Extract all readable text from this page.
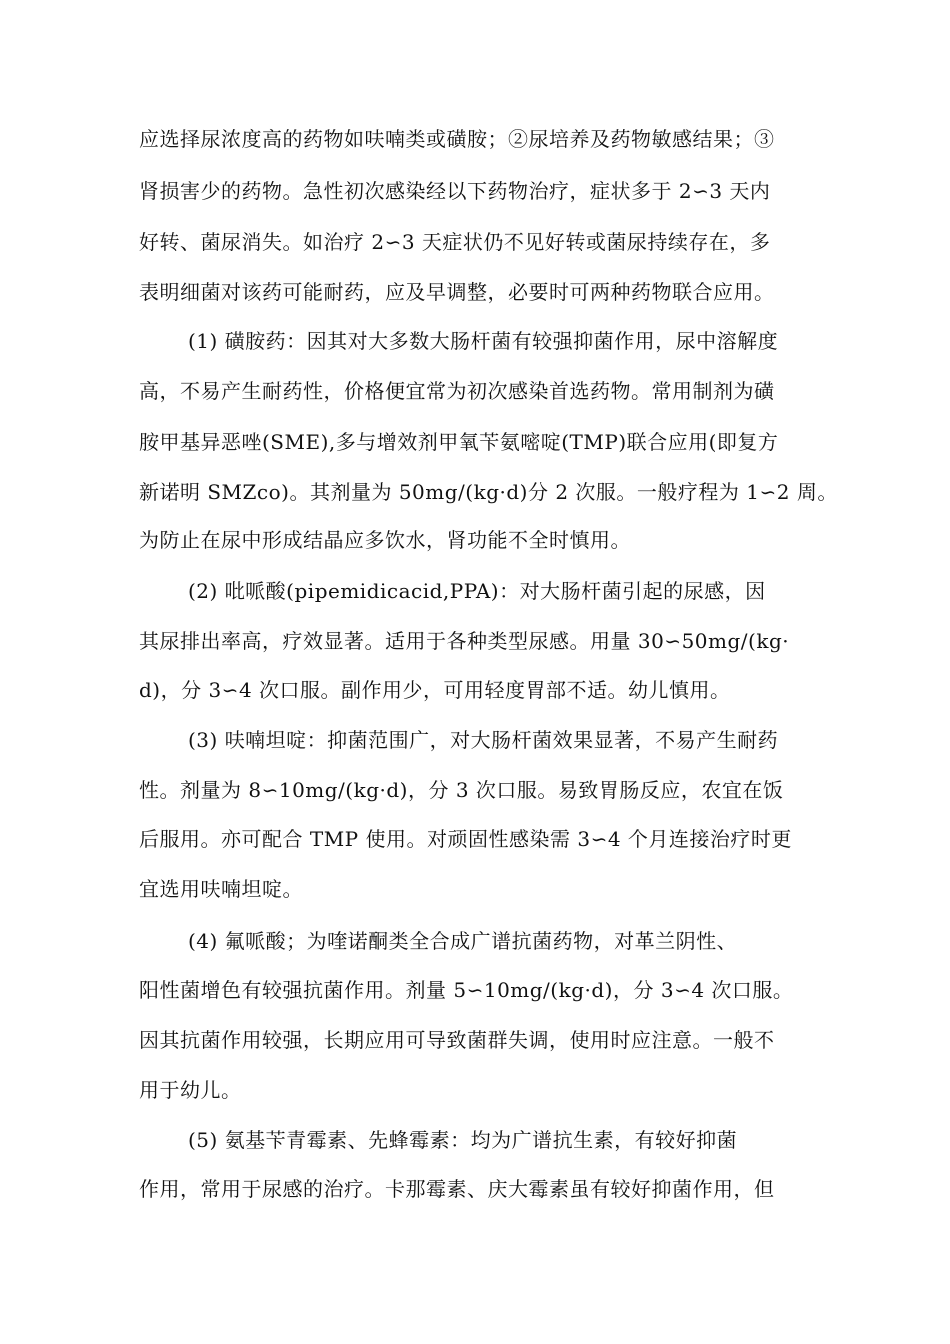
应选择尿浓度高的药物如呋喃类或磺胺；②尿培养及药物敏感结果；③

肾损害少的药物。急性初次感染经以下药物治疗，症状多于 2∽3 天内

好转、菌尿消失。如治疗 2∽3 天症状仍不见好转或菌尿持续存在，多

表明细菌对该药可能耐药，应及早调整，必要时可两种药物联合应用。

(1) 磺胺药：因其对大多数大肠杆菌有较强抑菌作用，尿中溶解度

高，不易产生耐药性，价格便宜常为初次感染首选药物。常用制剂为磺

胺甲基异恶唑(SME),多与增效剂甲氧苄氨嘧啶(TMP)联合应用(即复方

新诺明 SMZco)。其剂量为 50mg/(kg·d)分 2 次服。一般疗程为 1∽2 周。

为防止在尿中形成结晶应多饮水，肾功能不全时慎用。

(2) 吡哌酸(pipemidicacid,PPA)：对大肠杆菌引起的尿感，因

其尿排出率高，疗效显著。适用于各种类型尿感。用量 30∽50mg/(kg·

d)，分 3∽4 次口服。副作用少，可用轻度胃部不适。幼儿慎用。

(3) 呋喃坦啶：抑菌范围广，对大肠杆菌效果显著，不易产生耐药

性。剂量为 8∽10mg/(kg·d)，分 3 次口服。易致胃肠反应，农宜在饭

后服用。亦可配合 TMP 使用。对顽固性感染需 3∽4 个月连接治疗时更

宜选用呋喃坦啶。

(4) 氟哌酸；为喹诺酮类全合成广谱抗菌药物，对革兰阴性、

阳性菌增色有较强抗菌作用。剂量 5∽10mg/(kg·d)，分 3∽4 次口服。

因其抗菌作用较强，长期应用可导致菌群失调，使用时应注意。一般不

用于幼儿。

(5) 氨基苄青霉素、先蜂霉素：均为广谱抗生素，有较好抑菌

作用，常用于尿感的治疗。卡那霉素、庆大霉素虽有较好抑菌作用，但
